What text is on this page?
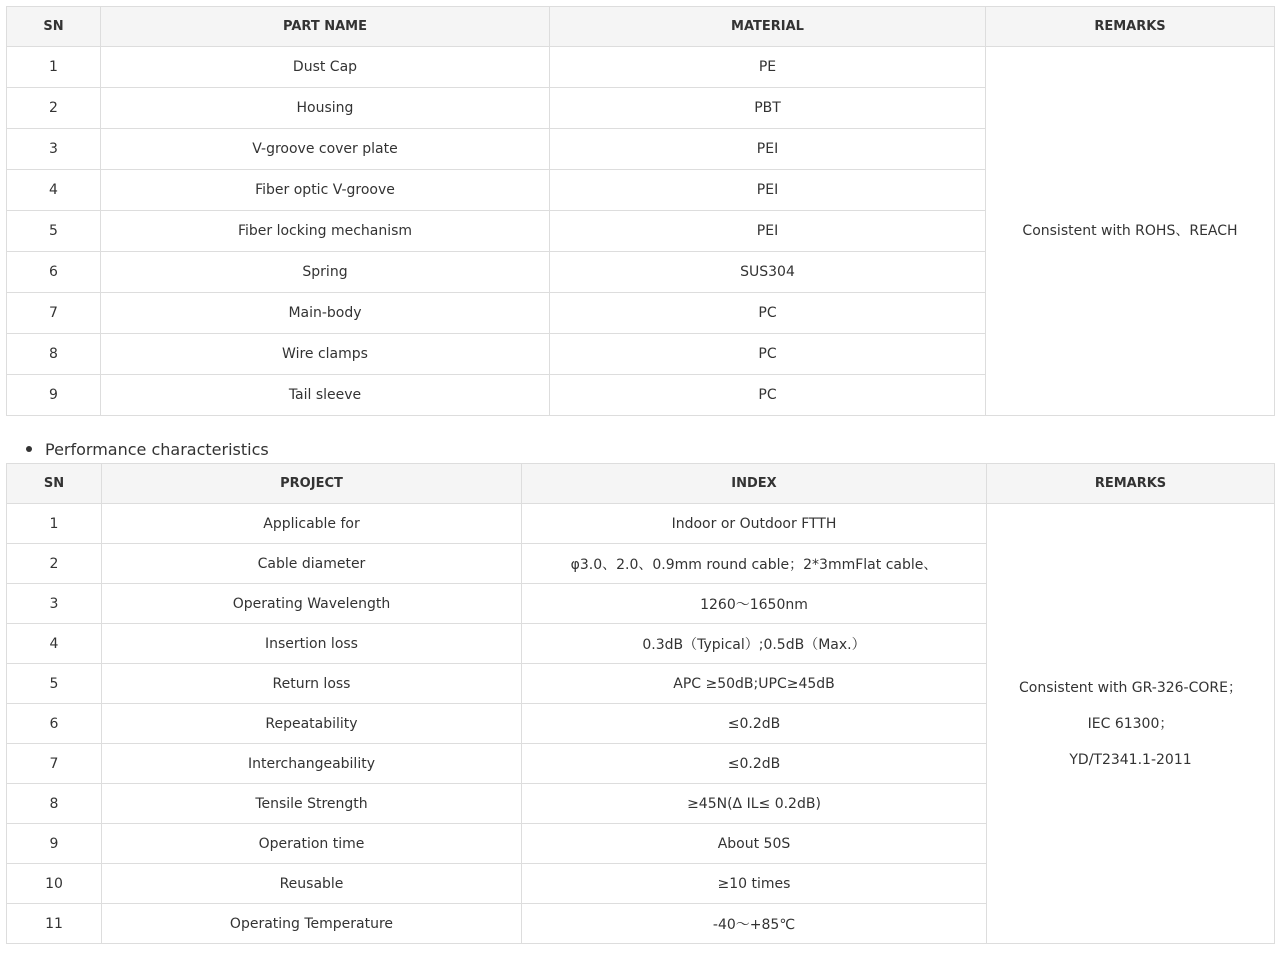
SN	PART NAME	MATERIAL	REMARKS
1	Dust Cap	PE	Consistent with ROHS、REACH
2	Housing	PBT	
3	V-groove cover plate	PEI	
4	Fiber optic V-groove	PEI	
5	Fiber locking mechanism	PEI	
6	Spring	SUS304	
7	Main-body	PC	
8	Wire clamps	PC	
9	Tail sleeve	PC	
Performance characteristics
SN	PROJECT	INDEX	REMARKS
1	Applicable for	Indoor or Outdoor FTTH	Consistent with GR-326-CORE；
IEC 61300；
YD/T2341.1-2011

2	Cable diameter	φ3.0、2.0、0.9mm round cable；2*3mmFlat cable、	
3	Operating Wavelength	1260～1650nm	
4	Insertion loss	0.3dB（Typical）;0.5dB（Max.）	
5	Return loss	APC ≥50dB;UPC≥45dB	
6	Repeatability	≤0.2dB	
7	Interchangeability	≤0.2dB	
8	Tensile Strength	≥45N(Δ IL≤ 0.2dB)	
9	Operation time	About 50S	
10	Reusable	≥10 times	
11	Operating Temperature	-40～+85℃	
